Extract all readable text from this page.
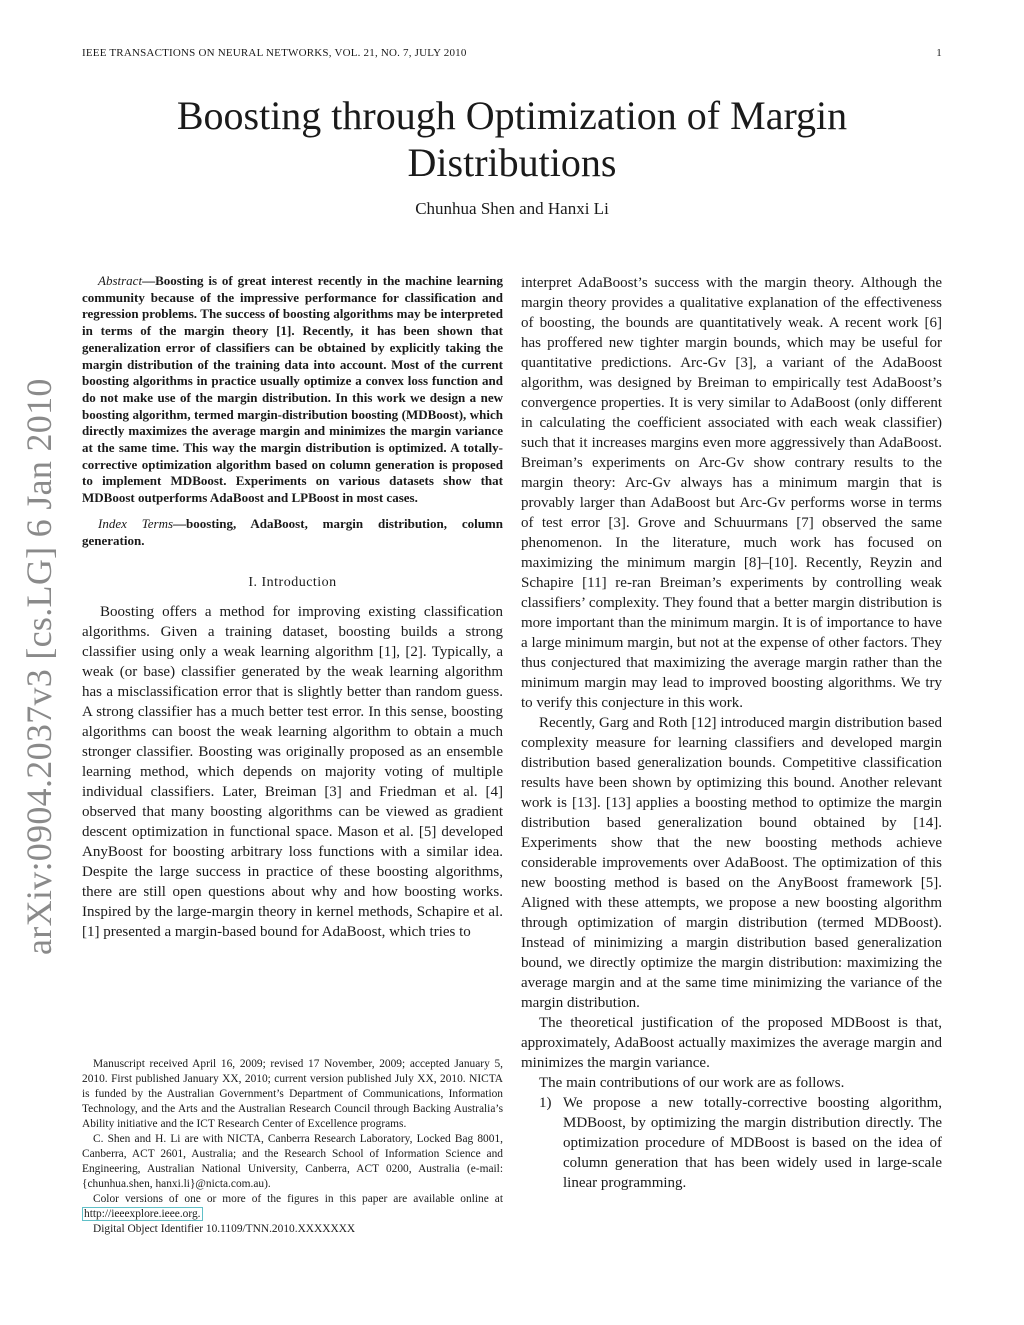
IEEE TRANSACTIONS ON NEURAL NETWORKS, VOL. 21, NO. 7, JULY 2010	1
arXiv:0904.2037v3 [cs.LG] 6 Jan 2010
Boosting through Optimization of Margin Distributions
Chunhua Shen and Hanxi Li

Abstract—Boosting is of great interest recently in the machine learning community because of the impressive performance for classification and regression problems. The success of boosting algorithms may be interpreted in terms of the margin theory [1]. Recently, it has been shown that generalization error of classifiers can be obtained by explicitly taking the margin distribution of the training data into account. Most of the current boosting algorithms in practice usually optimize a convex loss function and do not make use of the margin distribution. In this work we design a new boosting algorithm, termed margin-distribution boosting (MDBoost), which directly maximizes the average margin and minimizes the margin variance at the same time. This way the margin distribution is optimized. A totally-corrective optimization algorithm based on column generation is proposed to implement MDBoost. Experiments on various datasets show that MDBoost outperforms AdaBoost and LPBoost in most cases.

Index Terms—boosting, AdaBoost, margin distribution, column generation.

I. Introduction

Boosting offers a method for improving existing classification algorithms. Given a training dataset, boosting builds a strong classifier using only a weak learning algorithm [1], [2]. Typically, a weak (or base) classifier generated by the weak learning algorithm has a misclassification error that is slightly better than random guess. A strong classifier has a much better test error. In this sense, boosting algorithms can boost the weak learning algorithm to obtain a much stronger classifier. Boosting was originally proposed as an ensemble learning method, which depends on majority voting of multiple individual classifiers. Later, Breiman [3] and Friedman et al. [4] observed that many boosting algorithms can be viewed as gradient descent optimization in functional space. Mason et al. [5] developed AnyBoost for boosting arbitrary loss functions with a similar idea. Despite the large success in practice of these boosting algorithms, there are still open questions about why and how boosting works. Inspired by the large-margin theory in kernel methods, Schapire et al. [1] presented a margin-based bound for AdaBoost, which tries to

Manuscript received April 16, 2009; revised 17 November, 2009; accepted January 5, 2010. First published January XX, 2010; current version published July XX, 2010. NICTA is funded by the Australian Government’s Department of Communications, Information Technology, and the Arts and the Australian Research Council through Backing Australia’s Ability initiative and the ICT Research Center of Excellence programs.

C. Shen and H. Li are with NICTA, Canberra Research Laboratory, Locked Bag 8001, Canberra, ACT 2601, Australia; and the Research School of Information Science and Engineering, Australian National University, Canberra, ACT 0200, Australia (e-mail: {chunhua.shen, hanxi.li}@nicta.com.au).

Color versions of one or more of the figures in this paper are available online at http://ieeexplore.ieee.org.

Digital Object Identifier 10.1109/TNN.2010.XXXXXXX

interpret AdaBoost’s success with the margin theory. Although the margin theory provides a qualitative explanation of the effectiveness of boosting, the bounds are quantitatively weak. A recent work [6] has proffered new tighter margin bounds, which may be useful for quantitative predictions. Arc-Gv [3], a variant of the AdaBoost algorithm, was designed by Breiman to empirically test AdaBoost’s convergence properties. It is very similar to AdaBoost (only different in calculating the coefficient associated with each weak classifier) such that it increases margins even more aggressively than AdaBoost. Breiman’s experiments on Arc-Gv show contrary results to the margin theory: Arc-Gv always has a minimum margin that is provably larger than AdaBoost but Arc-Gv performs worse in terms of test error [3]. Grove and Schuurmans [7] observed the same phenomenon. In the literature, much work has focused on maximizing the minimum margin [8]–[10]. Recently, Reyzin and Schapire [11] re-ran Breiman’s experiments by controlling weak classifiers’ complexity. They found that a better margin distribution is more important than the minimum margin. It is of importance to have a large minimum margin, but not at the expense of other factors. They thus conjectured that maximizing the average margin rather than the minimum margin may lead to improved boosting algorithms. We try to verify this conjecture in this work.

Recently, Garg and Roth [12] introduced margin distribution based complexity measure for learning classifiers and developed margin distribution based generalization bounds. Competitive classification results have been shown by optimizing this bound. Another relevant work is [13]. [13] applies a boosting method to optimize the margin distribution based generalization bound obtained by [14]. Experiments show that the new boosting methods achieve considerable improvements over AdaBoost. The optimization of this new boosting method is based on the AnyBoost framework [5]. Aligned with these attempts, we propose a new boosting algorithm through optimization of margin distribution (termed MDBoost). Instead of minimizing a margin distribution based generalization bound, we directly optimize the margin distribution: maximizing the average margin and at the same time minimizing the variance of the margin distribution.

The theoretical justification of the proposed MDBoost is that, approximately, AdaBoost actually maximizes the average margin and minimizes the margin variance.

The main contributions of our work are as follows.

1) We propose a new totally-corrective boosting algorithm, MDBoost, by optimizing the margin distribution directly. The optimization procedure of MDBoost is based on the idea of column generation that has been widely used in large-scale linear programming.
